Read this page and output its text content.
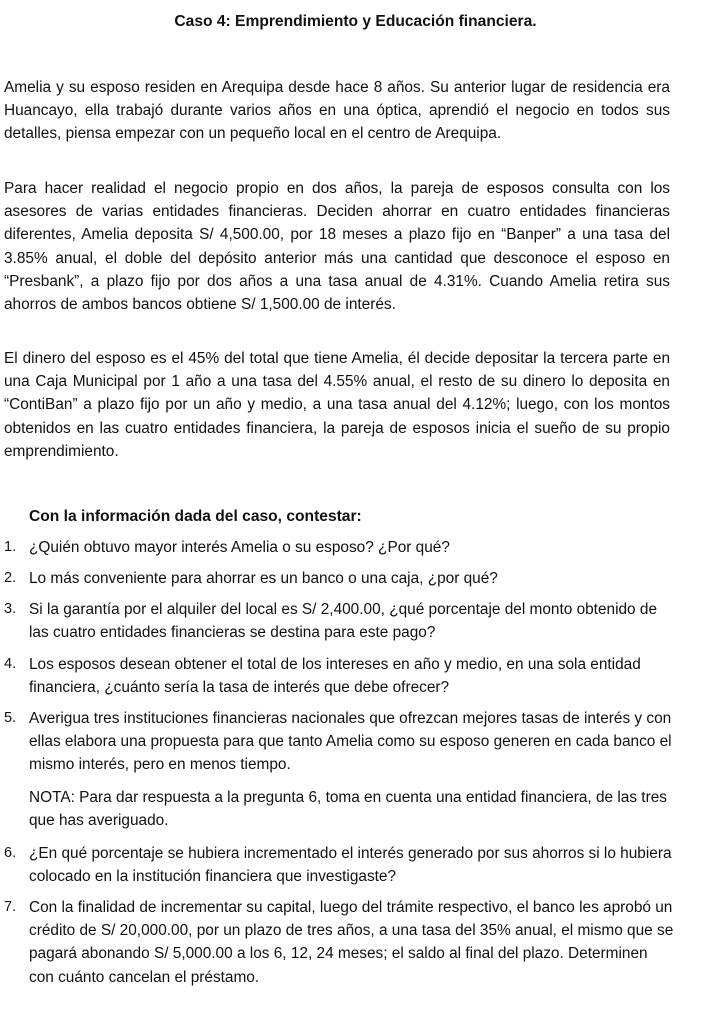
Caso 4: Emprendimiento y Educación financiera.

Amelia y su esposo residen en Arequipa desde hace 8 años. Su anterior lugar de residencia era Huancayo, ella trabajó durante varios años en una óptica, aprendió el negocio en todos sus detalles, piensa empezar con un pequeño local en el centro de Arequipa.

Para hacer realidad el negocio propio en dos años, la pareja de esposos consulta con los asesores de varias entidades financieras. Deciden ahorrar en cuatro entidades financieras diferentes, Amelia deposita S/ 4,500.00, por 18 meses a plazo fijo en “Banper” a una tasa del 3.85% anual, el doble del depósito anterior más una cantidad que desconoce el esposo en “Presbank”, a plazo fijo por dos años a una tasa anual de 4.31%. Cuando Amelia retira sus ahorros de ambos bancos obtiene S/ 1,500.00 de interés.

El dinero del esposo es el 45% del total que tiene Amelia, él decide depositar la tercera parte en una Caja Municipal por 1 año a una tasa del 4.55% anual, el resto de su dinero lo deposita en “ContiBan” a plazo fijo por un año y medio, a una tasa anual del 4.12%; luego, con los montos obtenidos en las cuatro entidades financiera, la pareja de esposos inicia el sueño de su propio emprendimiento.

Con la información dada del caso, contestar:

1. ¿Quién obtuvo mayor interés Amelia o su esposo? ¿Por qué?
2. Lo más conveniente para ahorrar es un banco o una caja, ¿por qué?
3. Si la garantía por el alquiler del local es S/ 2,400.00, ¿qué porcentaje del monto obtenido de las cuatro entidades financieras se destina para este pago?
4. Los esposos desean obtener el total de los intereses en año y medio, en una sola entidad financiera, ¿cuánto sería la tasa de interés que debe ofrecer?
5. Averigua tres instituciones financieras nacionales que ofrezcan mejores tasas de interés y con ellas elabora una propuesta para que tanto Amelia como su esposo generen en cada banco el mismo interés, pero en menos tiempo.

NOTA: Para dar respuesta a la pregunta 6, toma en cuenta una entidad financiera, de las tres que has averiguado.

6. ¿En qué porcentaje se hubiera incrementado el interés generado por sus ahorros si lo hubiera colocado en la institución financiera que investigaste?
7. Con la finalidad de incrementar su capital, luego del trámite respectivo, el banco les aprobó un crédito de S/ 20,000.00, por un plazo de tres años, a una tasa del 35% anual, el mismo que se pagará abonando S/ 5,000.00 a los 6, 12, 24 meses; el saldo al final del plazo. Determinen con cuánto cancelan el préstamo.
